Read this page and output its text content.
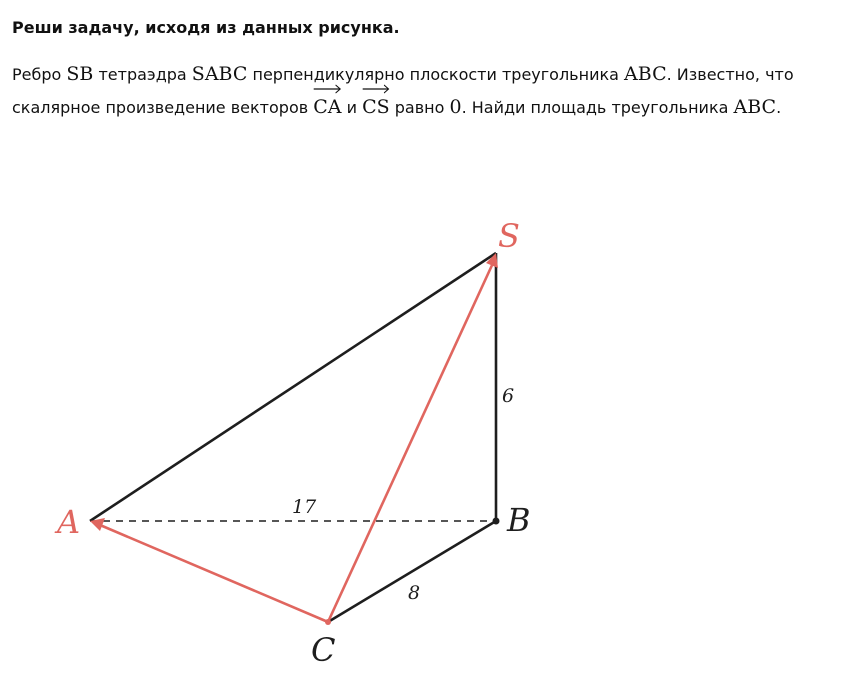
Реши задачу, исходя из данных рисунка.

Ребро SB тетраэдра SABC перпендикулярно плоскости треугольника ABC. Известно, что
скалярное произведение векторов
CA и
CS равно 0. Найди площадь треугольника ABC.

S
A	B
C
6
17
8
